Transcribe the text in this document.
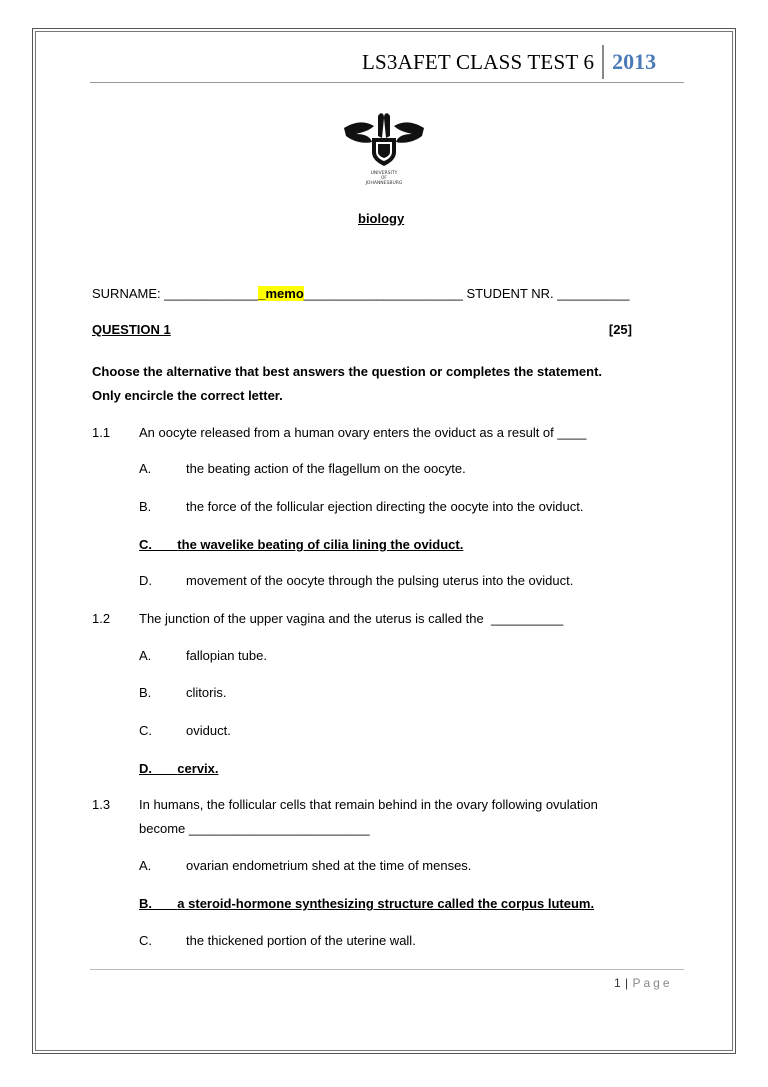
LS3AFET CLASS TEST 6 2013
UNIVERSITY
OF
JOHANNESBURG
biology
SURNAME: ______________memo______________________ STUDENT NR. __________
QUESTION 1	[25]
Choose the alternative that best answers the question or completes the statement.
Only encircle the correct letter.
1.1 An oocyte released from a human ovary enters the oviduct as a result of ____
A.	the beating action of the flagellum on the oocyte.
B.	the force of the follicular ejection directing the oocyte into the oviduct.
C. the wavelike beating of cilia lining the oviduct.
D.	movement of the oocyte through the pulsing uterus into the oviduct.
1.2 The junction of the upper vagina and the uterus is called the  __________
A.	fallopian tube.
B.	clitoris.
C.	oviduct.
D. cervix.
1.3 In humans, the follicular cells that remain behind in the ovary following ovulation
become _________________________
A.	ovarian endometrium shed at the time of menses.
B. a steroid-hormone synthesizing structure called the corpus luteum.
C.	the thickened portion of the uterine wall.
1 | Page
